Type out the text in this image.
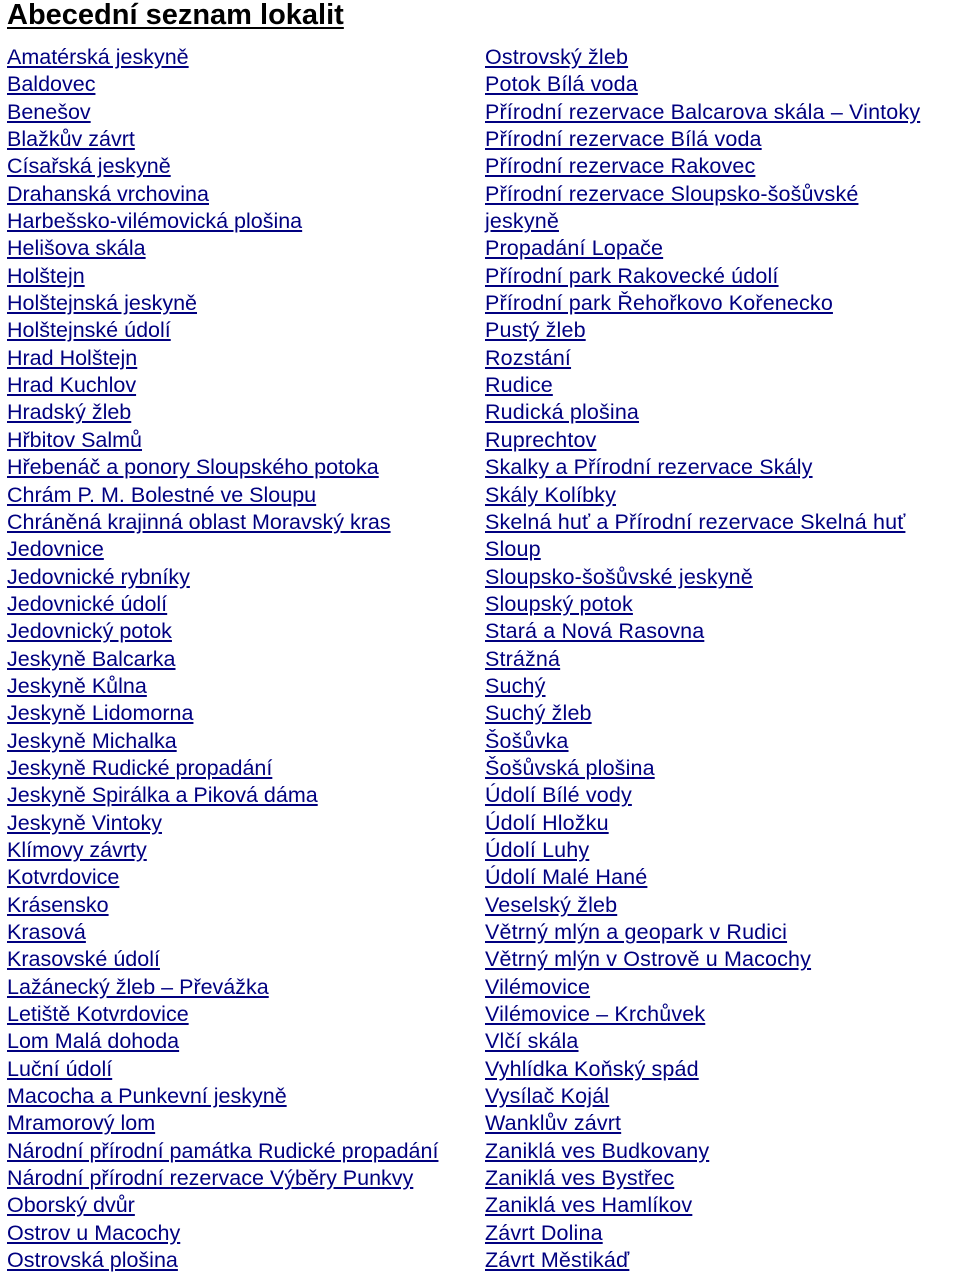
Abecední seznam lokalit
Amatérská jeskyně
Baldovec
Benešov
Blažkův závrt
Císařská jeskyně
Drahanská vrchovina
Harbešsko-vilémovická plošina
Helišova skála
Holštejn
Holštejnská jeskyně
Holštejnské údolí
Hrad Holštejn
Hrad Kuchlov
Hradský žleb
Hřbitov Salmů
Hřebenáč a ponory Sloupského potoka
Chrám P. M. Bolestné ve Sloupu
Chráněná krajinná oblast Moravský kras
Jedovnice
Jedovnické rybníky
Jedovnické údolí
Jedovnický potok
Jeskyně Balcarka
Jeskyně Kůlna
Jeskyně Lidomorna
Jeskyně Michalka
Jeskyně Rudické propadání
Jeskyně Spirálka a Piková dáma
Jeskyně Vintoky
Klímovy závrty
Kotvrdovice
Krásensko
Krasová
Krasovské údolí
Lažánecký žleb – Převážka
Letiště Kotvrdovice
Lom Malá dohoda
Luční údolí
Macocha a Punkevní jeskyně
Mramorový lom
Národní přírodní památka Rudické propadání
Národní přírodní rezervace Výběry Punkvy
Oborský dvůr
Ostrov u Macochy
Ostrovská plošina
Ostrovský žleb
Potok Bílá voda
Přírodní rezervace Balcarova skála – Vintoky
Přírodní rezervace Bílá voda
Přírodní rezervace Rakovec
Přírodní rezervace Sloupsko-šošůvské
jeskyně
Propadání Lopače
Přírodní park Rakovecké údolí
Přírodní park Řehořkovo Kořenecko
Pustý žleb
Rozstání
Rudice
Rudická plošina
Ruprechtov
Skalky a Přírodní rezervace Skály
Skály Kolíbky
Skelná huť a Přírodní rezervace Skelná huť
Sloup
Sloupsko-šošůvské jeskyně
Sloupský potok
Stará a Nová Rasovna
Strážná
Suchý
Suchý žleb
Šošůvka
Šošůvská plošina
Údolí Bílé vody
Údolí Hložku
Údolí Luhy
Údolí Malé Hané
Veselský žleb
Větrný mlýn a geopark v Rudici
Větrný mlýn v Ostrově u Macochy
Vilémovice
Vilémovice – Krchůvek
Vlčí skála
Vyhlídka Koňský spád
Vysílač Kojál
Wanklův závrt
Zaniklá ves Budkovany
Zaniklá ves Bystřec
Zaniklá ves Hamlíkov
Závrt Dolina
Závrt Městikáď
